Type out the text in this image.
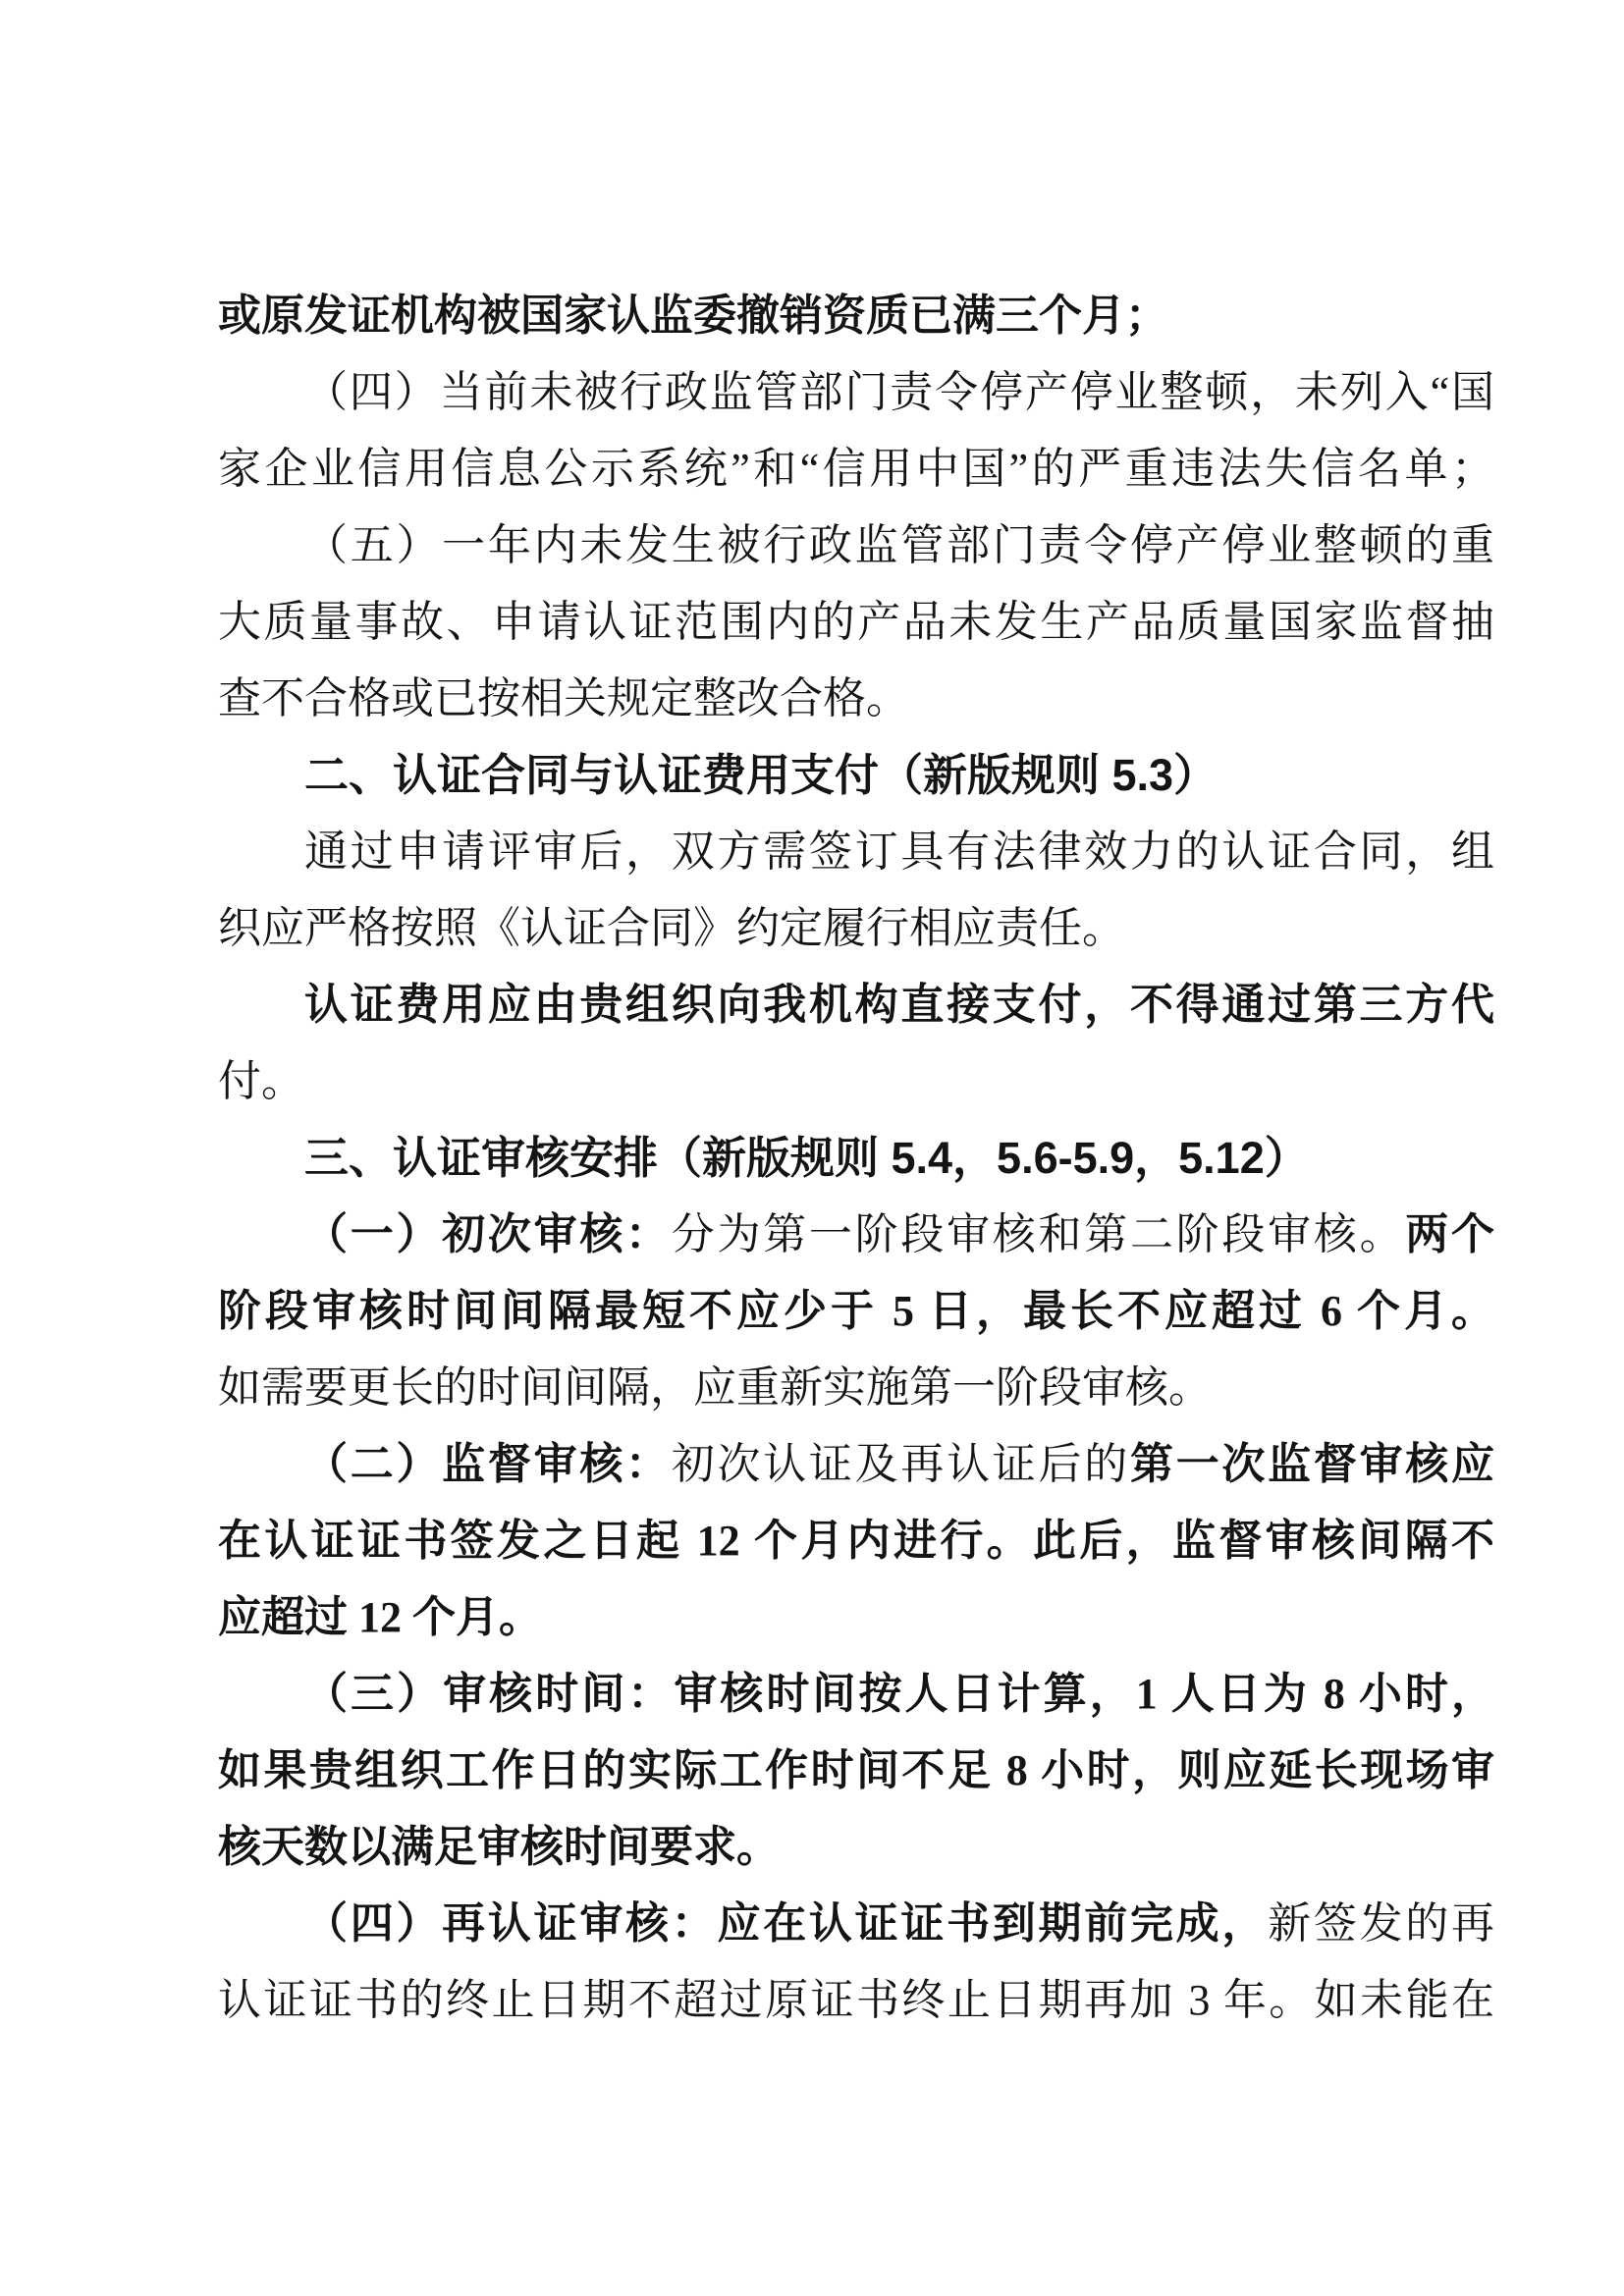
或原发证机构被国家认监委撤销资质已满三个月；
（四）当前未被行政监管部门责令停产停业整顿，未列入“国
家企业信用信息公示系统”和“信用中国”的严重违法失信名单；
（五）一年内未发生被行政监管部门责令停产停业整顿的重
大质量事故、申请认证范围内的产品未发生产品质量国家监督抽
查不合格或已按相关规定整改合格。
二、认证合同与认证费用支付（新版规则 5.3）
通过申请评审后，双方需签订具有法律效力的认证合同，组
织应严格按照《认证合同》约定履行相应责任。
认证费用应由贵组织向我机构直接支付，不得通过第三方代
付。
三、认证审核安排（新版规则 5.4，5.6-5.9，5.12）
（一）初次审核：分为第一阶段审核和第二阶段审核。两个
阶段审核时间间隔最短不应少于 5 日，最长不应超过 6 个月。
如需要更长的时间间隔，应重新实施第一阶段审核。
（二）监督审核：初次认证及再认证后的第一次监督审核应
在认证证书签发之日起 12 个月内进行。此后，监督审核间隔不
应超过 12 个月。
（三）审核时间：审核时间按人日计算，1 人日为 8 小时，
如果贵组织工作日的实际工作时间不足 8 小时，则应延长现场审
核天数以满足审核时间要求。
（四）再认证审核：应在认证证书到期前完成，新签发的再
认证证书的终止日期不超过原证书终止日期再加 3 年。如未能在
